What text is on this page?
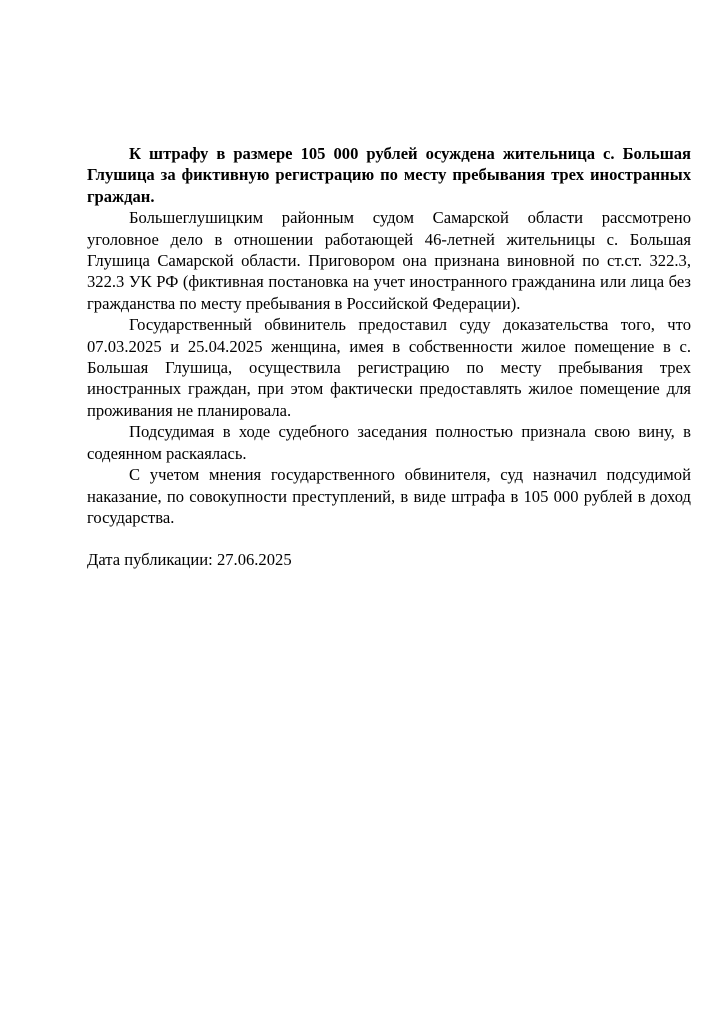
К штрафу в размере 105 000 рублей осуждена жительница с. Большая Глушица за фиктивную регистрацию по месту пребывания трех иностранных граждан.

Большеглушицким районным судом Самарской области рассмотрено уголовное дело в отношении работающей 46-летней жительницы с. Большая Глушица Самарской области. Приговором она признана виновной по ст.ст. 322.3, 322.3 УК РФ (фиктивная постановка на учет иностранного гражданина или лица без гражданства по месту пребывания в Российской Федерации).

Государственный обвинитель предоставил суду доказательства того, что 07.03.2025 и 25.04.2025 женщина, имея в собственности жилое помещение в с. Большая Глушица, осуществила регистрацию по месту пребывания трех иностранных граждан, при этом фактически предоставлять жилое помещение для проживания не планировала.

Подсудимая в ходе судебного заседания полностью признала свою вину, в содеянном раскаялась.

С учетом мнения государственного обвинителя, суд назначил подсудимой наказание, по совокупности преступлений, в виде штрафа в 105 000 рублей в доход государства.

Дата публикации: 27.06.2025
